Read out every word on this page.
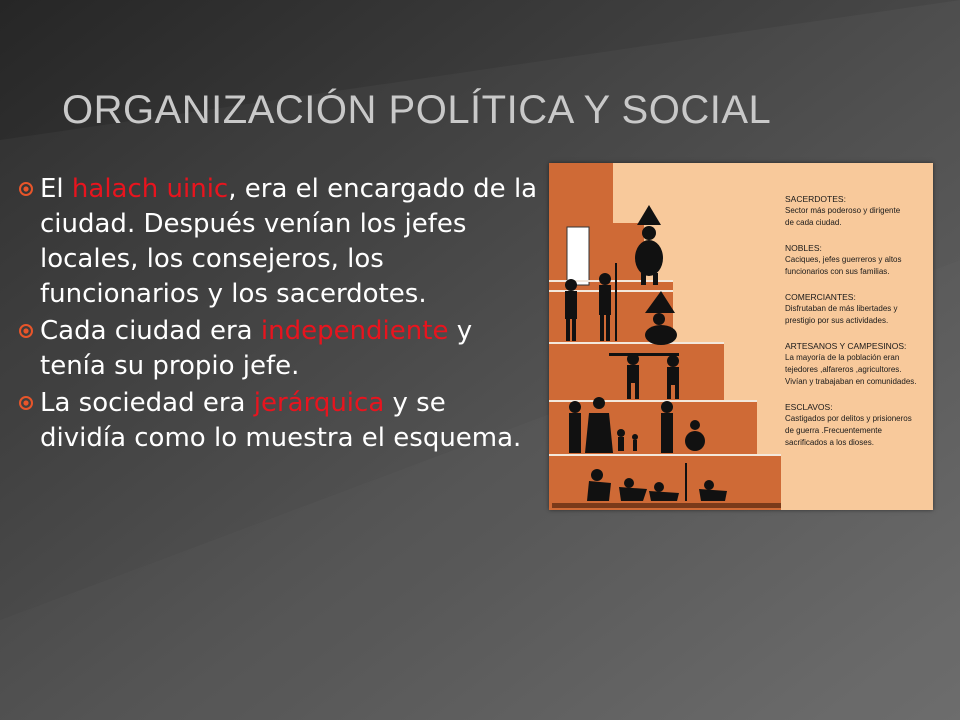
ORGANIZACIÓN POLÍTICA Y SOCIAL
El halach uinic, era el encargado de la ciudad. Después venían los jefes locales, los consejeros, los funcionarios y los sacerdotes.
Cada ciudad era independiente y tenía su propio jefe.
La sociedad era jerárquica y se dividía como lo muestra el esquema.
SACERDOTES:
Sector más poderoso y dirigente
de cada ciudad.
NOBLES:
Caciques, jefes guerreros y altos
funcionarios con sus familias.
COMERCIANTES:
Disfrutaban de más libertades y
prestigio por sus actividades.
ARTESANOS Y CAMPESINOS:
La mayoría de la población eran
tejedores ,alfareros ,agricultores.
Vivían y trabajaban en comunidades.
ESCLAVOS:
Castigados por delitos y prisioneros
de guerra .Frecuentemente
sacrificados a los dioses.
